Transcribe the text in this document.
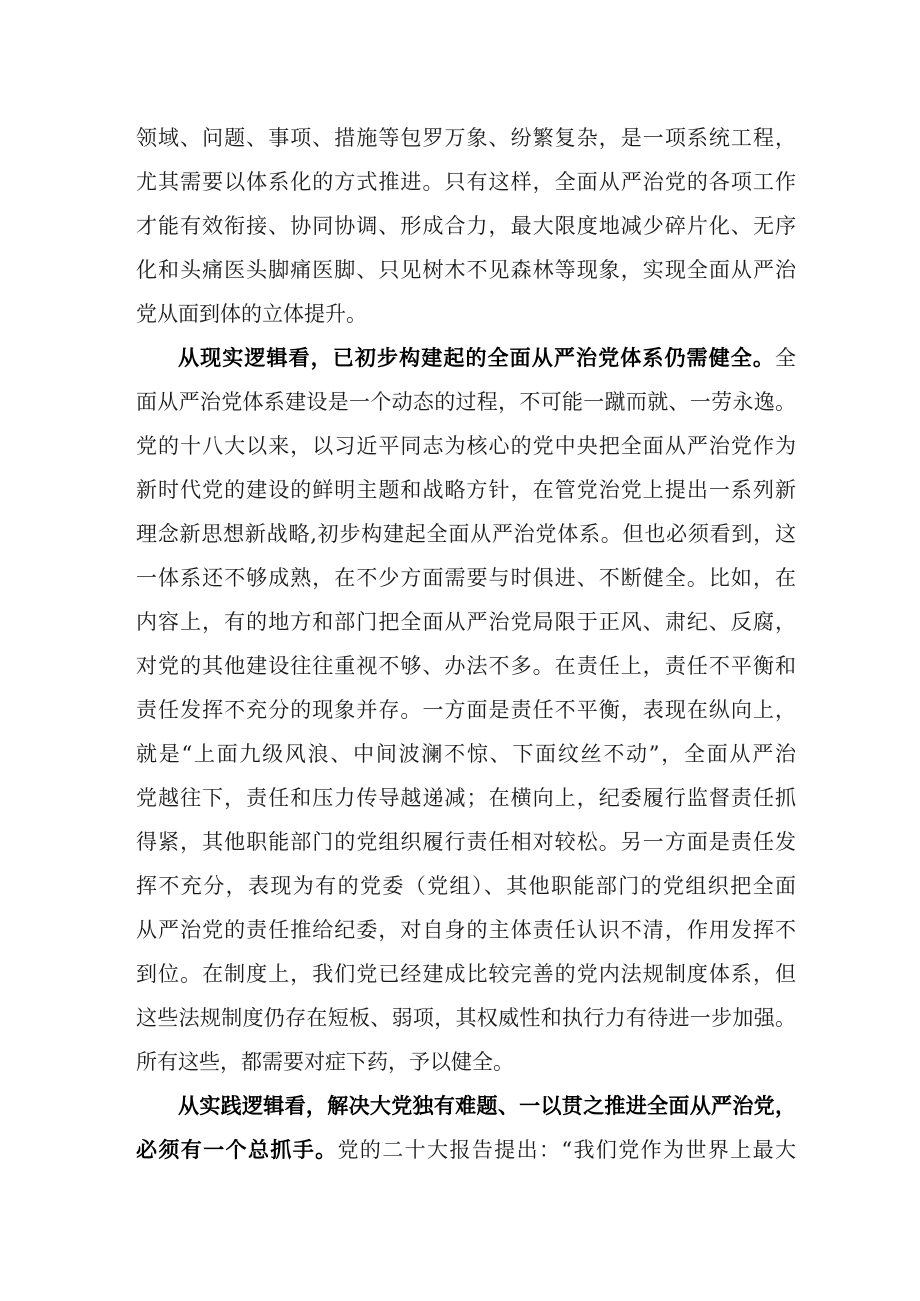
领域、问题、事项、措施等包罗万象、纷繁复杂，是一项系统工程，

尤其需要以体系化的方式推进。只有这样，全面从严治党的各项工作

才能有效衔接、协同协调、形成合力，最大限度地减少碎片化、无序

化和头痛医头脚痛医脚、只见树木不见森林等现象，实现全面从严治

党从面到体的立体提升。

从现实逻辑看，已初步构建起的全面从严治党体系仍需健全。全

面从严治党体系建设是一个动态的过程，不可能一蹴而就、一劳永逸。

党的十八大以来，以习近平同志为核心的党中央把全面从严治党作为

新时代党的建设的鲜明主题和战略方针，在管党治党上提出一系列新

理念新思想新战略,初步构建起全面从严治党体系。但也必须看到，这

一体系还不够成熟，在不少方面需要与时俱进、不断健全。比如，在

内容上，有的地方和部门把全面从严治党局限于正风、肃纪、反腐，

对党的其他建设往往重视不够、办法不多。在责任上，责任不平衡和

责任发挥不充分的现象并存。一方面是责任不平衡，表现在纵向上，

就是“上面九级风浪、中间波澜不惊、下面纹丝不动”，全面从严治

党越往下，责任和压力传导越递减；在横向上，纪委履行监督责任抓

得紧，其他职能部门的党组织履行责任相对较松。另一方面是责任发

挥不充分，表现为有的党委（党组）、其他职能部门的党组织把全面

从严治党的责任推给纪委，对自身的主体责任认识不清，作用发挥不

到位。在制度上，我们党已经建成比较完善的党内法规制度体系，但

这些法规制度仍存在短板、弱项，其权威性和执行力有待进一步加强。

所有这些，都需要对症下药，予以健全。

从实践逻辑看，解决大党独有难题、一以贯之推进全面从严治党，

必须有一个总抓手。党的二十大报告提出：“我们党作为世界上最大
